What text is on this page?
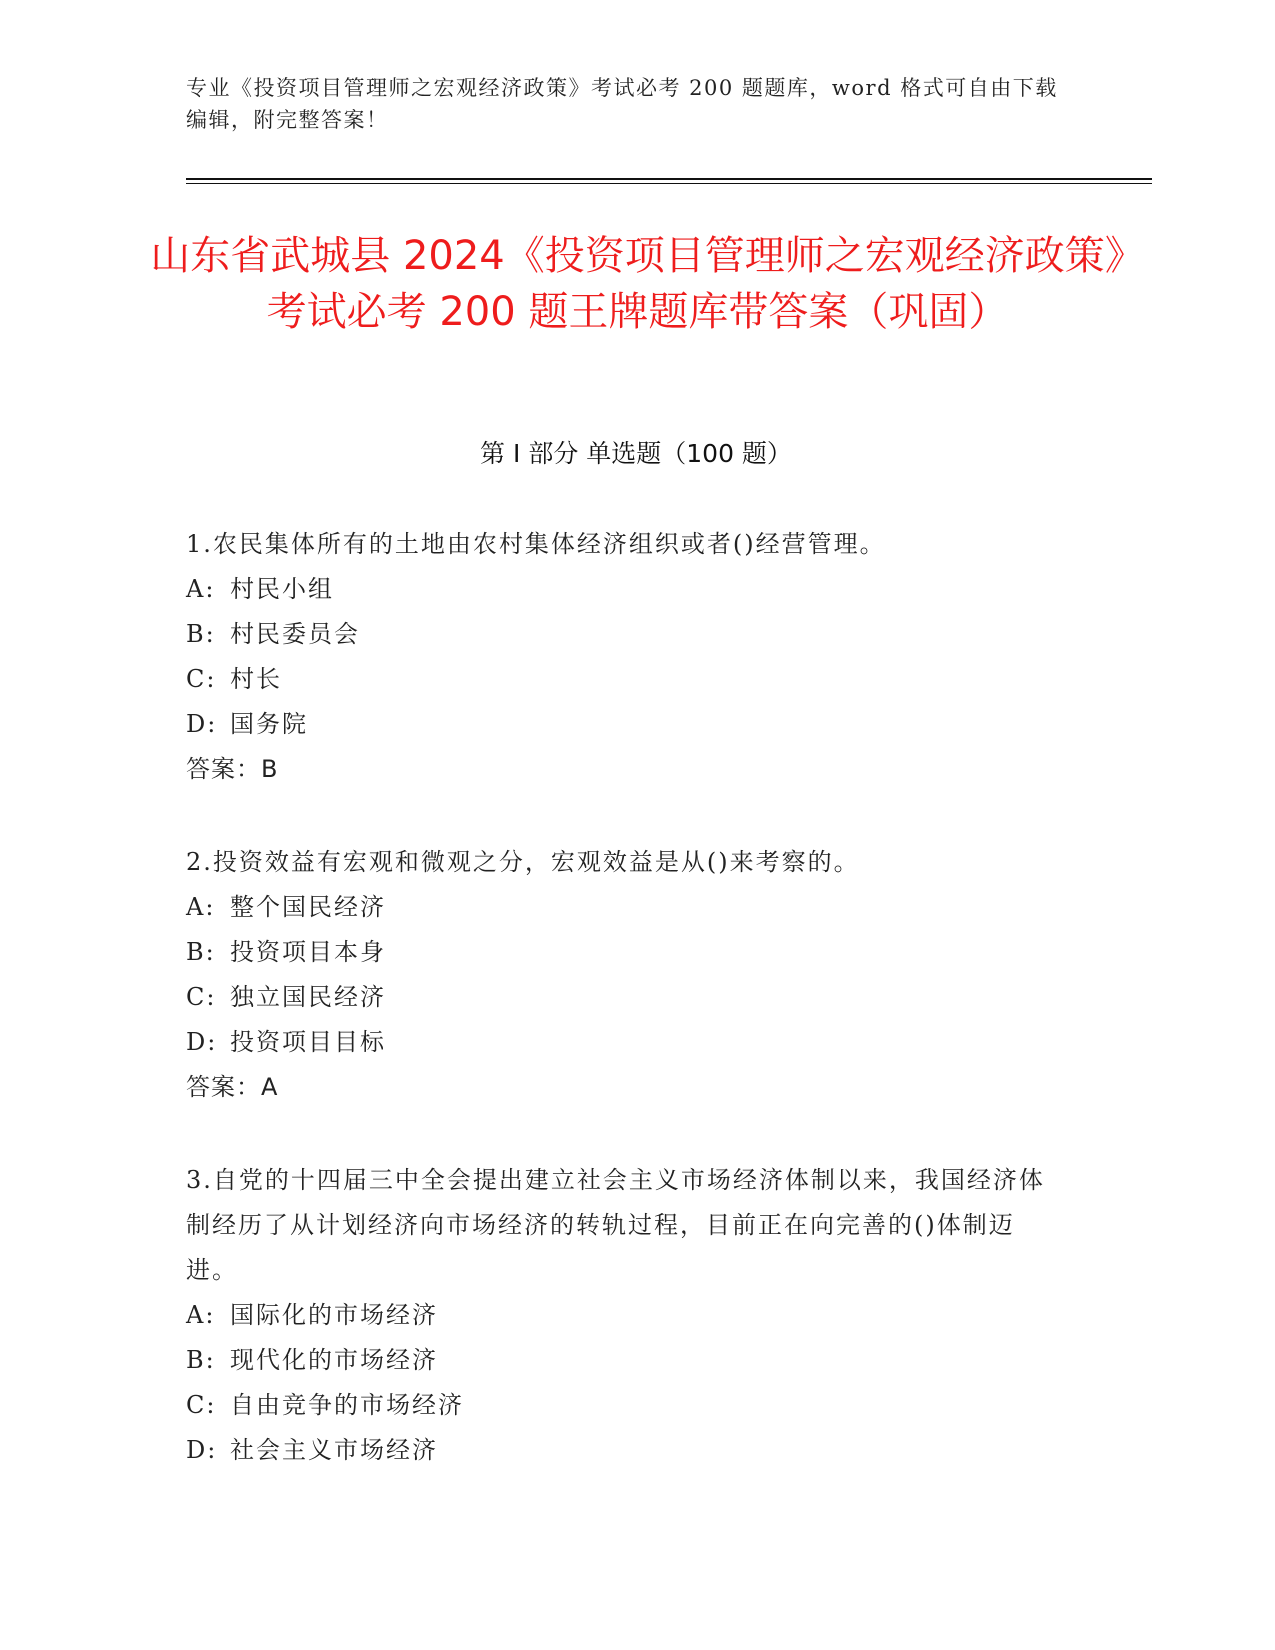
专业《投资项目管理师之宏观经济政策》考试必考 200 题题库，word 格式可自由下载编辑，附完整答案！
山东省武城县 2024《投资项目管理师之宏观经济政策》考试必考 200 题王牌题库带答案（巩固）
第 I 部分 单选题（100 题）
1.农民集体所有的土地由农村集体经济组织或者()经营管理。
A: 村民小组
B: 村民委员会
C: 村长
D: 国务院
答案：B
2.投资效益有宏观和微观之分，宏观效益是从()来考察的。
A: 整个国民经济
B: 投资项目本身
C: 独立国民经济
D: 投资项目目标
答案：A
3.自党的十四届三中全会提出建立社会主义市场经济体制以来，我国经济体制经历了从计划经济向市场经济的转轨过程，目前正在向完善的()体制迈进。
A: 国际化的市场经济
B: 现代化的市场经济
C: 自由竞争的市场经济
D: 社会主义市场经济
